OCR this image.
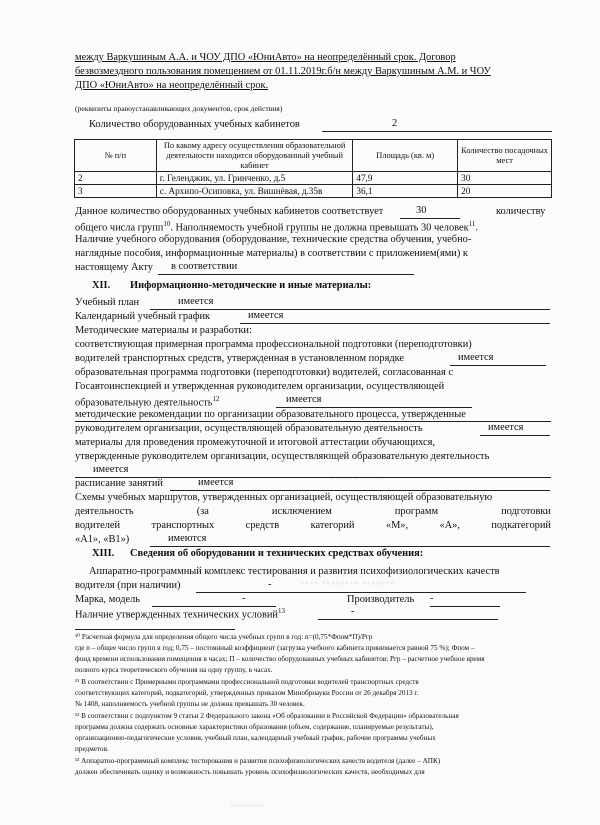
▪▪▪▪▪▪ ▪▪▪▪▪
▪▪▪▪ ▪▪▪▪▪▪▪▪ ▪▪▪▪▪▪▪
▪▪▪▪▪▪▪▪▪
между Варкушиным А.А. и ЧОУ ДПО «ЮниАвто» на неопределённый срок. Договор
безвозмездного пользования помещением от 01.11.2019г.б/н между Варкушиным А.М. и ЧОУ
ДПО «ЮниАвто» на неопределённый срок.
(реквизиты правоустанавливающих документов, срок действия)
Количество оборудованных учебных кабинетов	2
№ п/п	По какому адресу осуществления образовательной деятельности находится оборудованный учебный кабинет	Площадь (кв. м)	Количество посадочных мест
2	г. Геленджик, ул. Гринченко, д.5	47,9	30
3	с. Архипо-Осиповка, ул. Вишнёвая, д.35в	36,1	20
Данное количество оборудованных учебных кабинетов соответствует	30	количеству
общего числа групп$^{10}$. Наполняемость учебной группы не должна превышать 30 человек$^{11}$.
Наличие учебного оборудования (оборудование, технические средства обучения, учебно-
наглядные пособия, информационные материалы) в соответствии с приложением(ями) к
настоящему Акту в соответствии
XII. Информационно-методические и иные материалы:
Учебный план	имеется
Календарный учебный график	имеется
Методические материалы и разработки:
соответствующая примерная программа профессиональной подготовки (переподготовки)
водителей транспортных средств, утвержденная в установленном порядке	имеется
образовательная программа подготовки (переподготовки) водителей, согласованная с
Госавтоинспекцией и утвержденная руководителем организации, осуществляющей
образовательную деятельность$^{12}$	имеется
методические рекомендации по организации образовательного процесса, утвержденные
руководителем организации, осуществляющей образовательную деятельность	имеется
материалы для проведения промежуточной и итоговой аттестации обучающихся,
утвержденные руководителем организации, осуществляющей образовательную деятельность
имеется
расписание занятий	имеется
Схемы учебных маршрутов, утвержденных организацией, осуществляющей образовательную
деятельность (за исключением программ подготовки
водителей транспортных средств категорий «М», «А», подкатегорий
«А1», «В1»)	имеются
XIII. Сведения об оборудовании и технических средствах обучения:
Аппаратно-программный комплекс тестирования и развития психофизиологических качеств
водителя (при наличии)	-
Марка, модель	-	Производитель -
Наличие утвержденных технических условий$^{13}$	-
¹⁰ Расчетная формула для определения общего числа учебных групп в год: n=(0,75*Фпом*П)/Ргр
где n – общее число групп в год; 0,75 – постоянный коэффициент (загрузка учебного кабинета принимается равной 75 %); Фпом –
фонд времени использования помещения в часах; П – количество оборудованных учебных кабинетов; Ргр – расчетное учебное время
полного курса теоретического обучения на одну группу, в часах.
¹¹ В соответствии с Примерными программами профессиональной подготовки водителей транспортных средств
соответствующих категорий, подкатегорий, утвержденных приказом Минобрнауки России от 26 декабря 2013 г.
№ 1408, наполняемость учебной группы не должна превышать 30 человек.
¹² В соответствии с подпунктом 9 статьи 2 Федерального закона «Об образовании в Российской Федерации» образовательная
программа должна содержать основные характеристики образования (объем, содержание, планируемые результаты),
организационно-педагогические условия, учебный план, календарный учебный график, рабочие программы учебных
предметов.
¹³ Аппаратно-программный комплекс тестирования и развития психофизиологических качеств водителя (далее – АПК)
должен обеспечивать оценку и возможность повышать уровень психофизиологических качеств, необходимых для
